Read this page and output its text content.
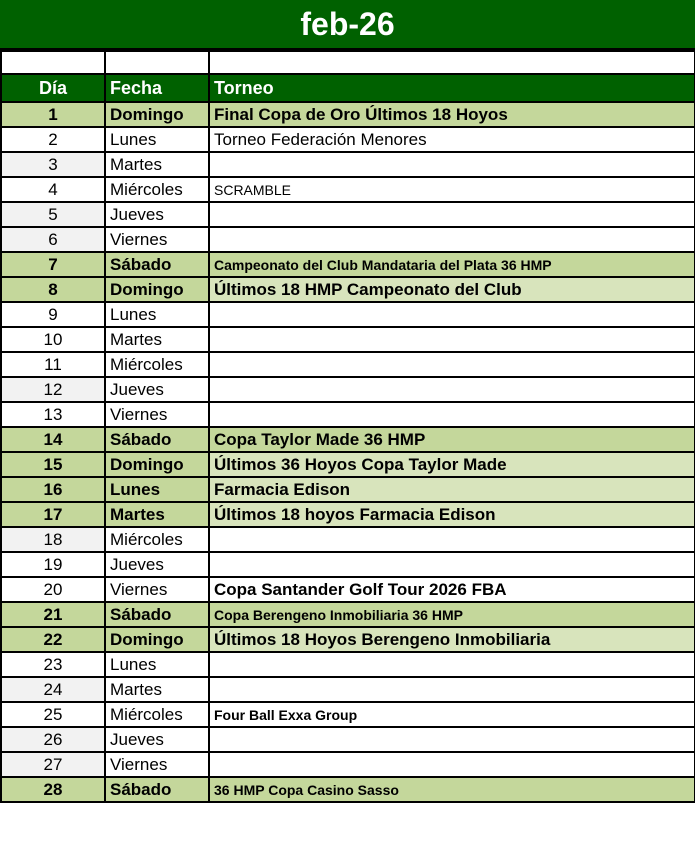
feb-26

Día	Fecha	Torneo
1	Domingo	Final Copa de Oro Últimos 18 Hoyos
2	Lunes	Torneo Federación Menores
3	Martes	
4	Miércoles	SCRAMBLE
5	Jueves	
6	Viernes	
7	Sábado	Campeonato del Club Mandataria del Plata 36 HMP
8	Domingo	Últimos 18 HMP Campeonato del Club
9	Lunes	
10	Martes	
11	Miércoles	
12	Jueves	
13	Viernes	
14	Sábado	Copa Taylor Made 36 HMP
15	Domingo	Últimos 36 Hoyos Copa Taylor Made
16	Lunes	Farmacia Edison
17	Martes	Últimos 18 hoyos Farmacia Edison
18	Miércoles	
19	Jueves	
20	Viernes	Copa Santander Golf Tour 2026 FBA
21	Sábado	Copa Berengeno Inmobiliaria 36 HMP
22	Domingo	Últimos 18 Hoyos Berengeno Inmobiliaria
23	Lunes	
24	Martes	
25	Miércoles	Four Ball Exxa Group
26	Jueves	
27	Viernes	
28	Sábado	36 HMP Copa Casino Sasso
